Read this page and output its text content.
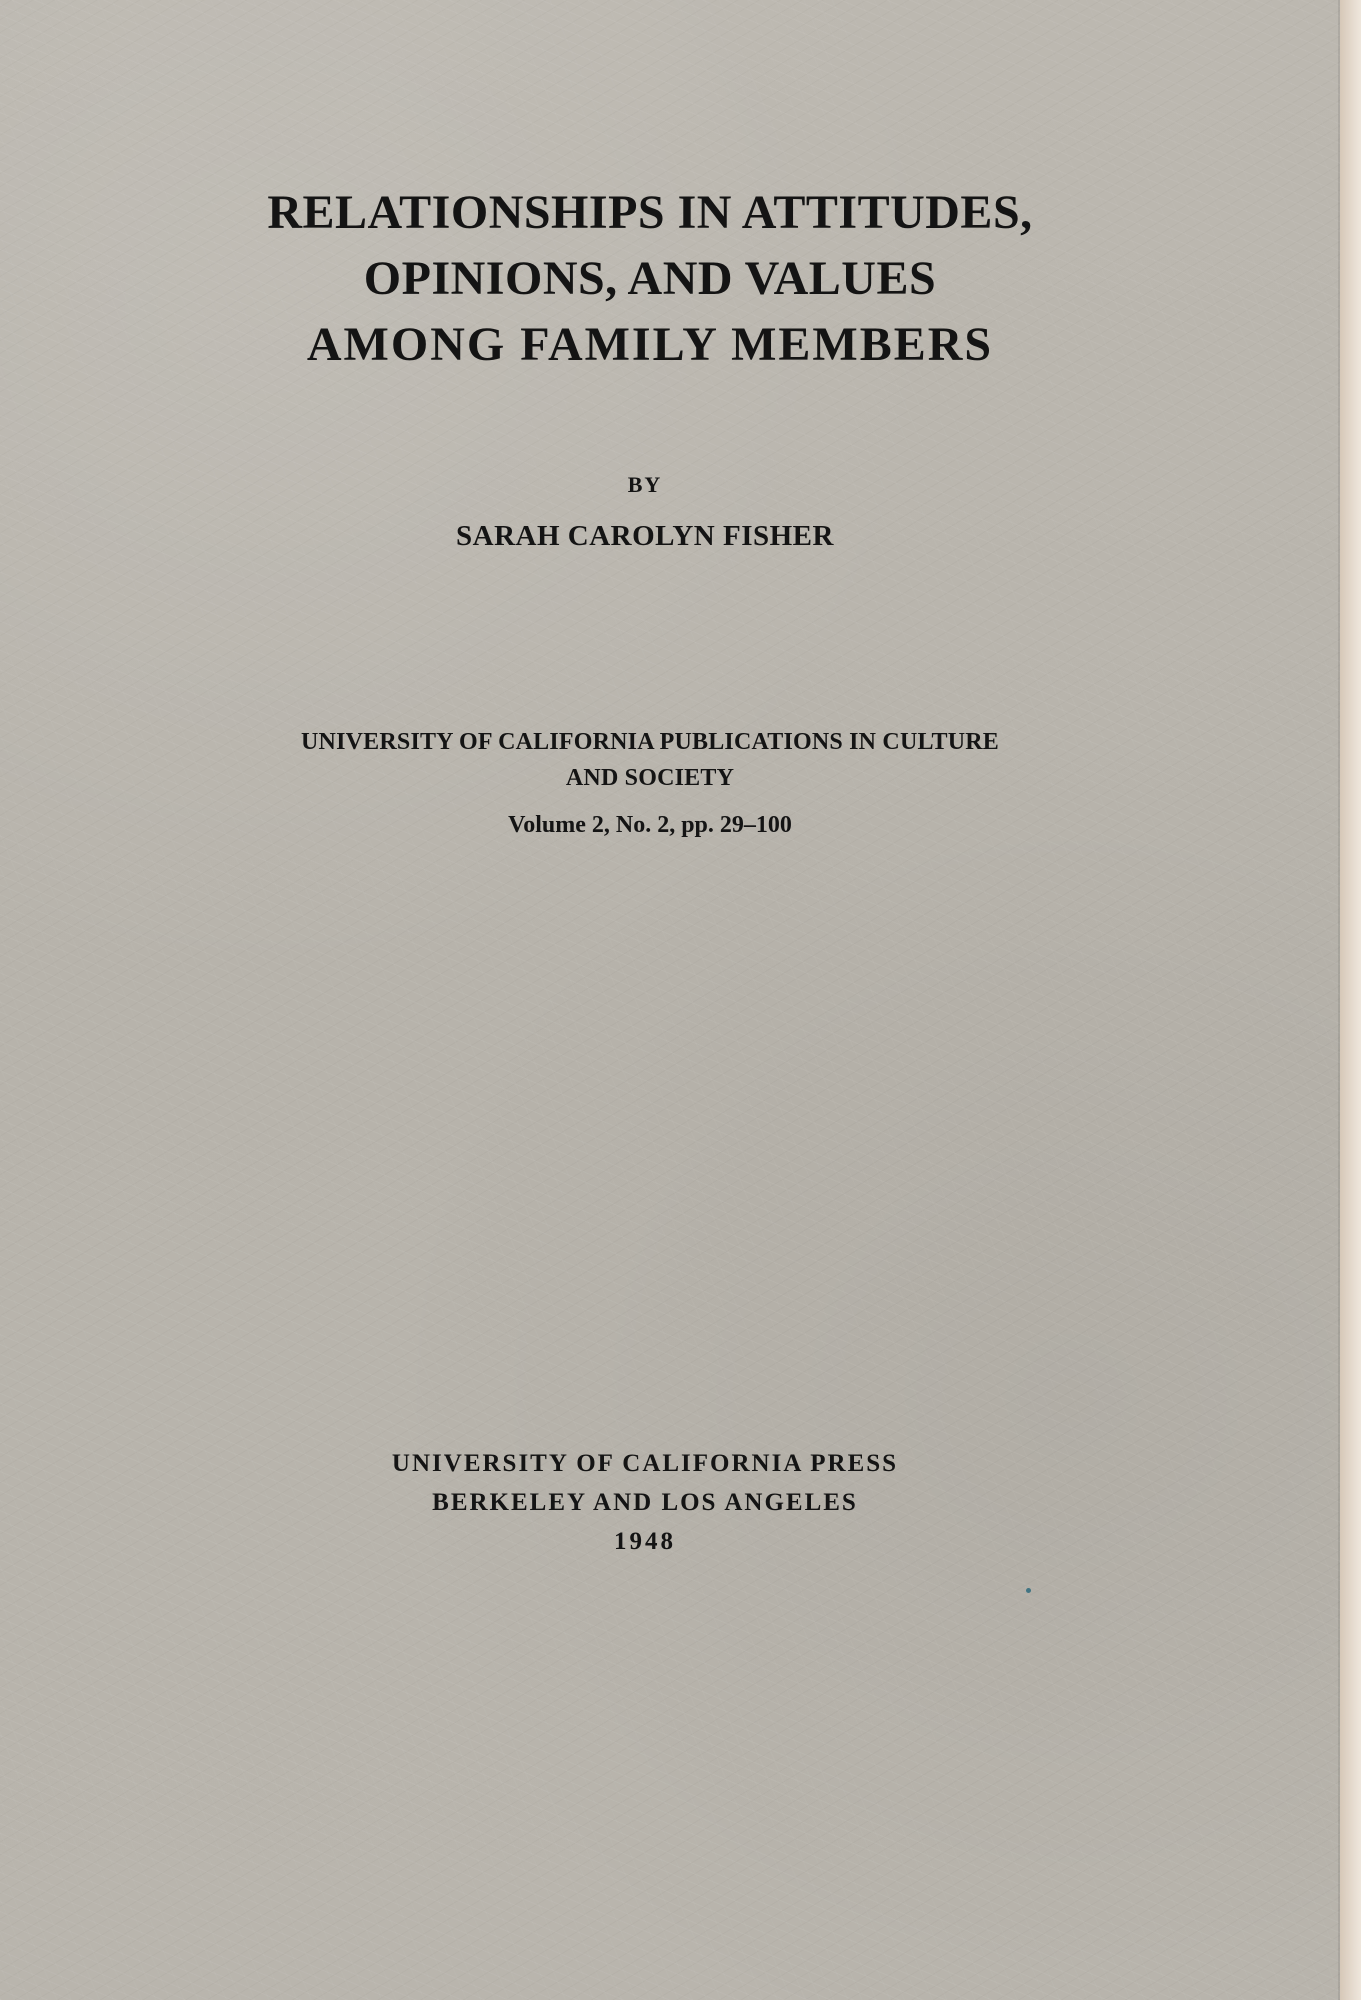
RELATIONSHIPS IN ATTITUDES,
OPINIONS, AND VALUES
AMONG FAMILY MEMBERS
BY
SARAH CAROLYN FISHER
UNIVERSITY OF CALIFORNIA PUBLICATIONS IN CULTURE
AND SOCIETY
Volume 2, No. 2, pp. 29–100
UNIVERSITY OF CALIFORNIA PRESS
BERKELEY AND LOS ANGELES
1948
